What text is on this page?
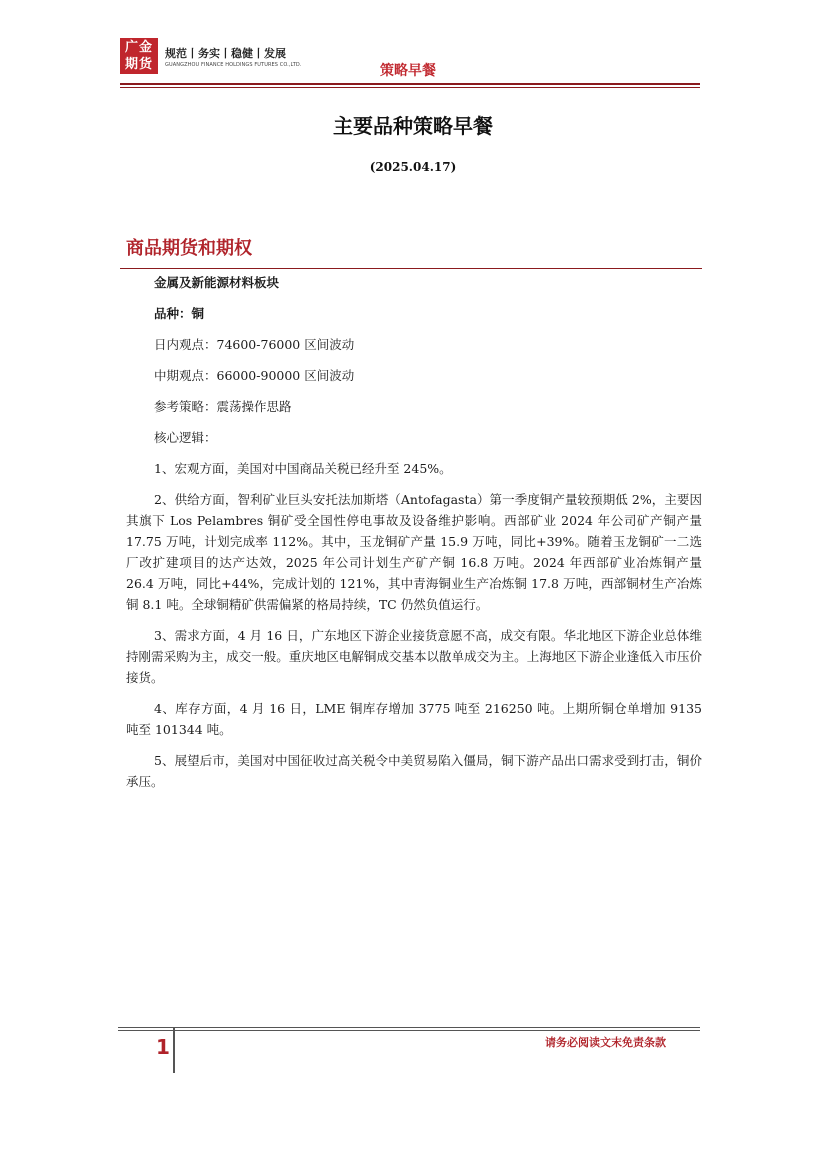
广金
期货
规范丨务实丨稳健丨发展
GUANGZHOU FINANCE HOLDINGS FUTURES CO.,LTD.	策略早餐
主要品种策略早餐
(2025.04.17)
商品期货和期权

金属及新能源材料板块

品种：铜

日内观点：74600-76000 区间波动

中期观点：66000-90000 区间波动

参考策略：震荡操作思路

核心逻辑：

1、宏观方面，美国对中国商品关税已经升至 245%。

2、供给方面，智利矿业巨头安托法加斯塔（Antofagasta）第一季度铜产量较预期低 2%，主要因其旗下 Los Pelambres 铜矿受全国性停电事故及设备维护影响。西部矿业 2024 年公司矿产铜产量 17.75 万吨，计划完成率 112%。其中，玉龙铜矿产量 15.9 万吨，同比+39%。随着玉龙铜矿一二选厂改扩建项目的达产达效，2025 年公司计划生产矿产铜 16.8 万吨。2024 年西部矿业冶炼铜产量 26.4 万吨，同比+44%，完成计划的 121%，其中青海铜业生产冶炼铜 17.8 万吨，西部铜材生产冶炼铜 8.1 吨。全球铜精矿供需偏紧的格局持续，TC 仍然负值运行。

3、需求方面，4 月 16 日，广东地区下游企业接货意愿不高，成交有限。华北地区下游企业总体维持刚需采购为主，成交一般。重庆地区电解铜成交基本以散单成交为主。上海地区下游企业逢低入市压价接货。

4、库存方面，4 月 16 日，LME 铜库存增加 3775 吨至 216250 吨。上期所铜仓单增加 9135 吨至 101344 吨。

5、展望后市，美国对中国征收过高关税令中美贸易陷入僵局，铜下游产品出口需求受到打击，铜价承压。

1	请务必阅读文末免责条款
